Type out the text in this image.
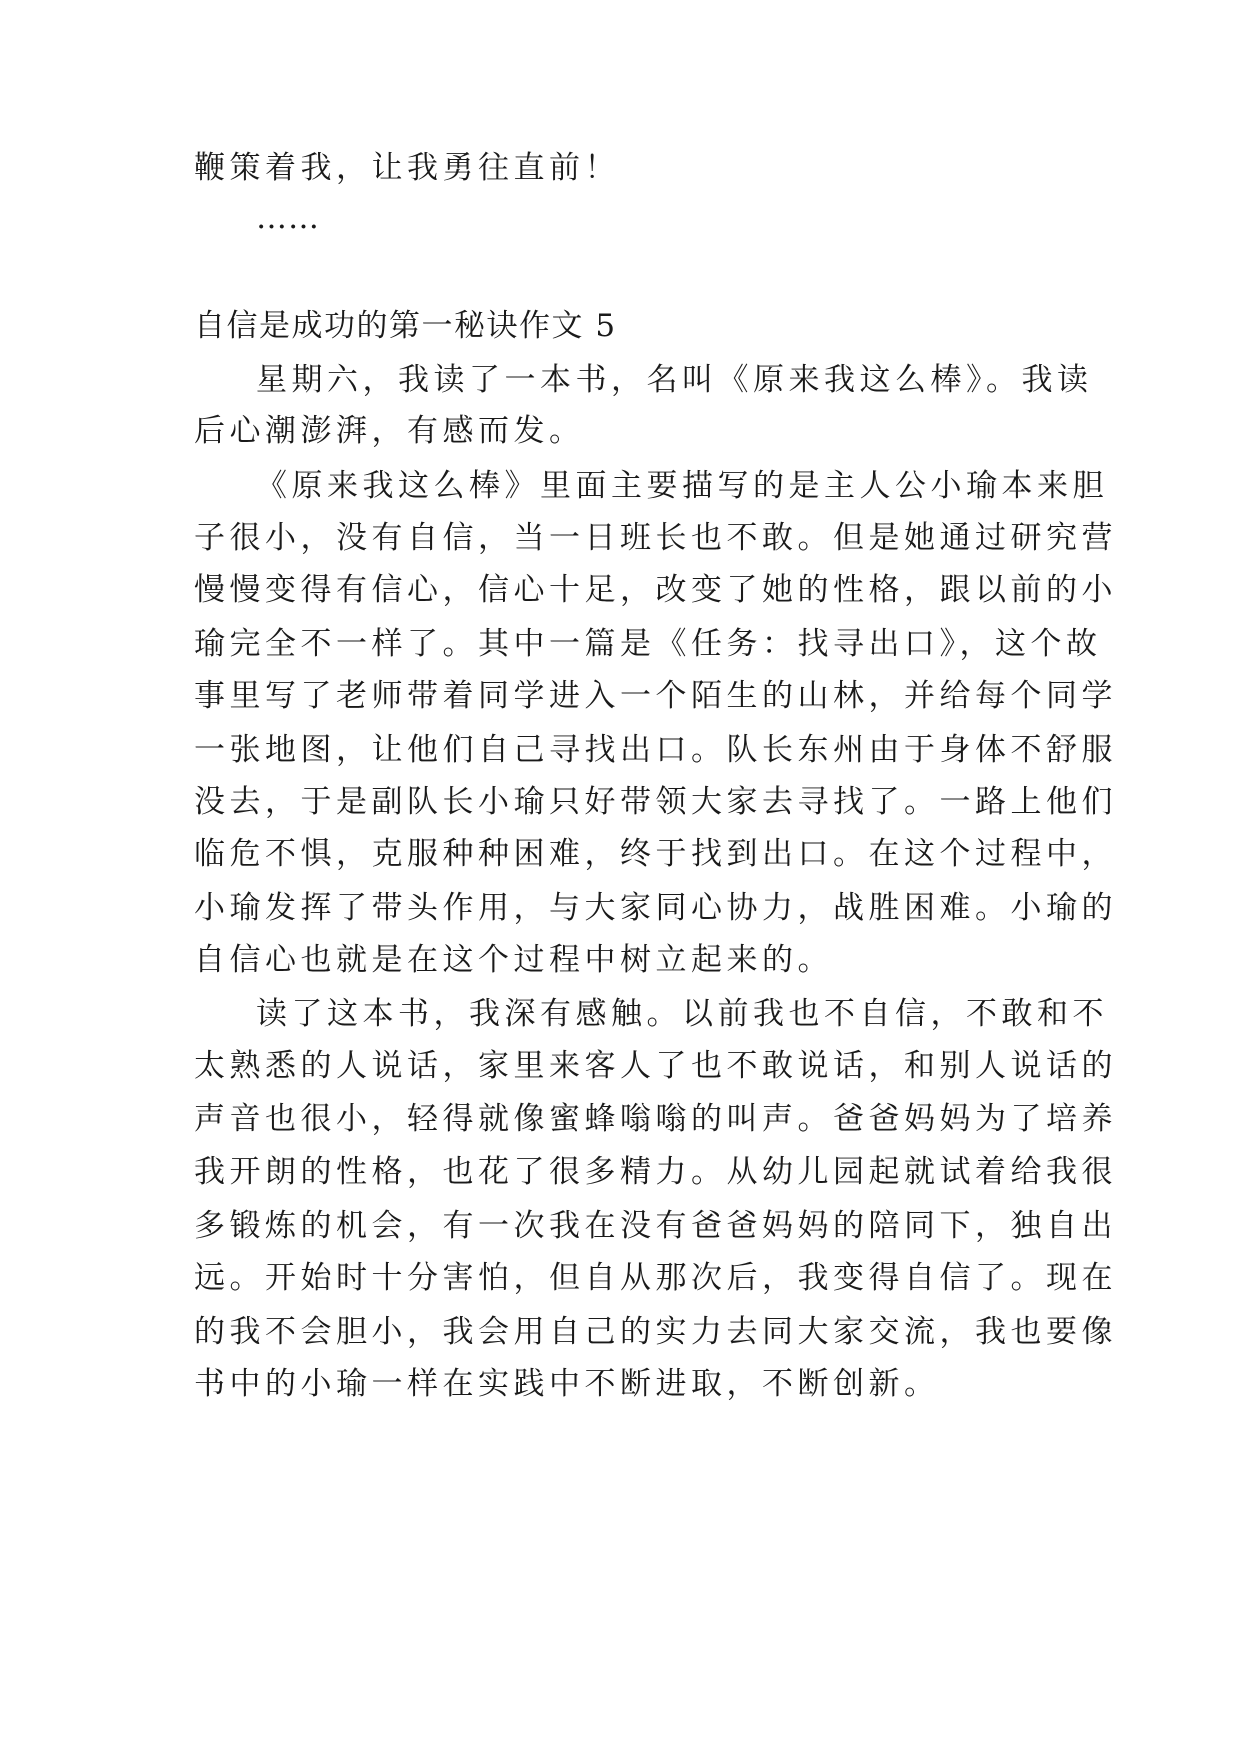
鞭策着我，让我勇往直前！
……
自信是成功的第一秘诀作文 5
星期六，我读了一本书，名叫《原来我这么棒》。我读
后心潮澎湃，有感而发。
《原来我这么棒》里面主要描写的是主人公小瑜本来胆
子很小，没有自信，当一日班长也不敢。但是她通过研究营
慢慢变得有信心，信心十足，改变了她的性格，跟以前的小
瑜完全不一样了。其中一篇是《任务：找寻出口》，这个故
事里写了老师带着同学进入一个陌生的山林，并给每个同学
一张地图，让他们自己寻找出口。队长东州由于身体不舒服
没去，于是副队长小瑜只好带领大家去寻找了。一路上他们
临危不惧，克服种种困难，终于找到出口。在这个过程中，
小瑜发挥了带头作用，与大家同心协力，战胜困难。小瑜的
自信心也就是在这个过程中树立起来的。
读了这本书，我深有感触。以前我也不自信，不敢和不
太熟悉的人说话，家里来客人了也不敢说话，和别人说话的
声音也很小，轻得就像蜜蜂嗡嗡的叫声。爸爸妈妈为了培养
我开朗的性格，也花了很多精力。从幼儿园起就试着给我很
多锻炼的机会，有一次我在没有爸爸妈妈的陪同下，独自出
远。开始时十分害怕，但自从那次后，我变得自信了。现在
的我不会胆小，我会用自己的实力去同大家交流，我也要像
书中的小瑜一样在实践中不断进取，不断创新。
